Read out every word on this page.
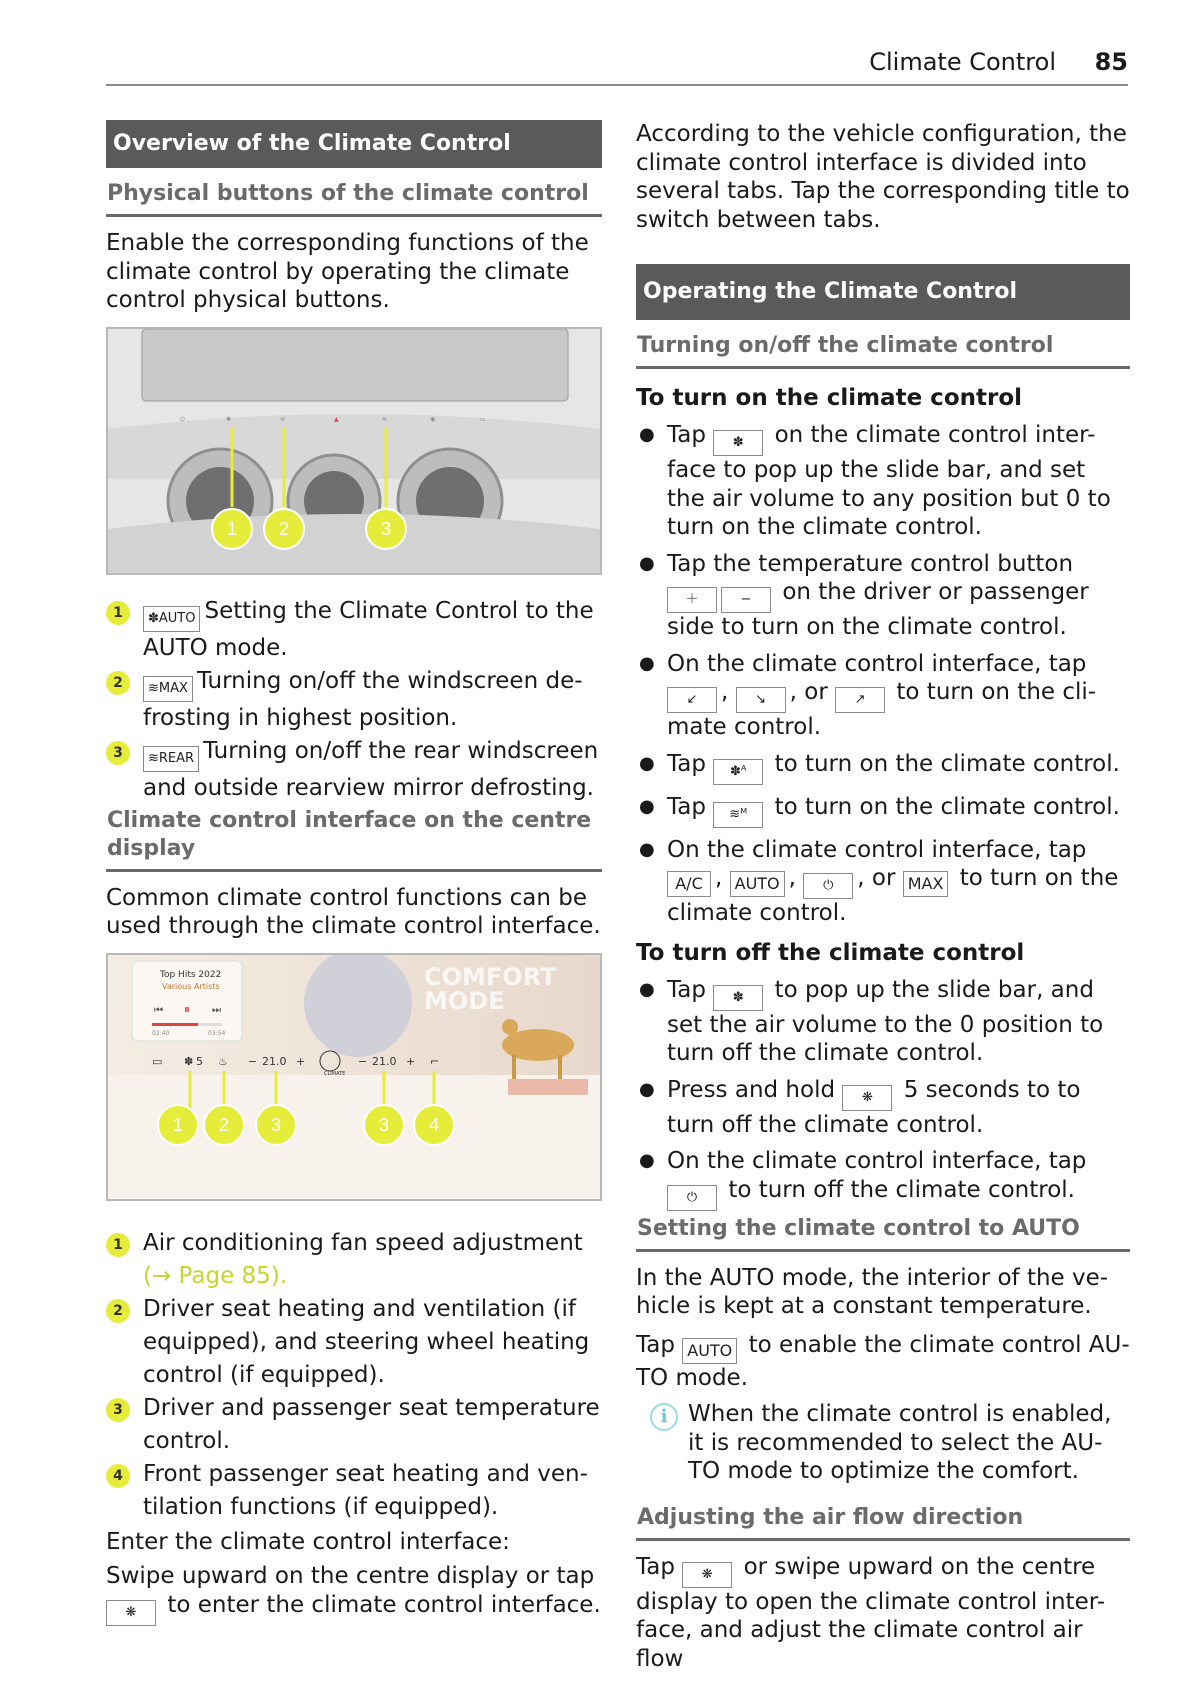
Climate Control 85
Overview of the Climate Control
Physical buttons of the climate control

Enable the corresponding functions of the climate control by operating the climate control physical buttons.

⏻	✽	≋	▲	≋	◉	▭
1 2	3
1	✽AUTO Setting the Climate Control to the AUTO mode.
2	≋MAX Turning on/off the windscreen de-frosting in highest position.
3	≋REAR Turning on/off the rear windscreen and outside rearview mirror defrosting.
Climate control interface on the centre display

Common climate control functions can be used through the climate control interface.

Top Hits 2022
Various Artists
⏮ ⏸ ⏭
02:40	03:54
COMFORT
MODE
▭ ✽ 5 ♨ − 21.0 +
CLIMATE
− 21.0 + ⌐
1 2 3	3 4
1 Air conditioning fan speed adjustment
(→ Page 85).
2 Driver seat heating and ventilation (if equipped), and steering wheel heating control (if equipped).
3 Driver and passenger seat temperature control.
4 Front passenger seat heating and ven-tilation functions (if equipped).

Enter the climate control interface:

Swipe upward on the centre display or tap
❋ to enter the climate control interface.

According to the vehicle configuration, the climate control interface is divided into several tabs. Tap the corresponding title to switch between tabs.

Operating the Climate Control
Turning on/off the climate control
To turn on the climate control
● Tap ✽ on the climate control inter-face to pop up the slide bar, and set the air volume to any position but 0 to turn on the climate control.
● Tap the temperature control button
＋	− on the driver or passenger side to turn on the climate control.
● On the climate control interface, tap
↙ , ↘ , or ↗ to turn on the cli-mate control.
● Tap ✽ᴬ to turn on the climate control.
● Tap ≋ᴹ to turn on the climate control.
● On the climate control interface, tap
A/C , AUTO , ⏻ , or MAX to turn on the climate control.
To turn off the climate control
● Tap ✽ to pop up the slide bar, and set the air volume to the 0 position to turn off the climate control.
● Press and hold ❋ 5 seconds to to turn off the climate control.
● On the climate control interface, tap
⏻ to turn off the climate control.
Setting the climate control to AUTO

In the AUTO mode, the interior of the ve-hicle is kept at a constant temperature.

Tap AUTO to enable the climate control AU-TO mode.

i When the climate control is enabled, it is recommended to select the AU-TO mode to optimize the comfort.
Adjusting the air flow direction

Tap ❋ or swipe upward on the centre display to open the climate control inter-face, and adjust the climate control air flow
